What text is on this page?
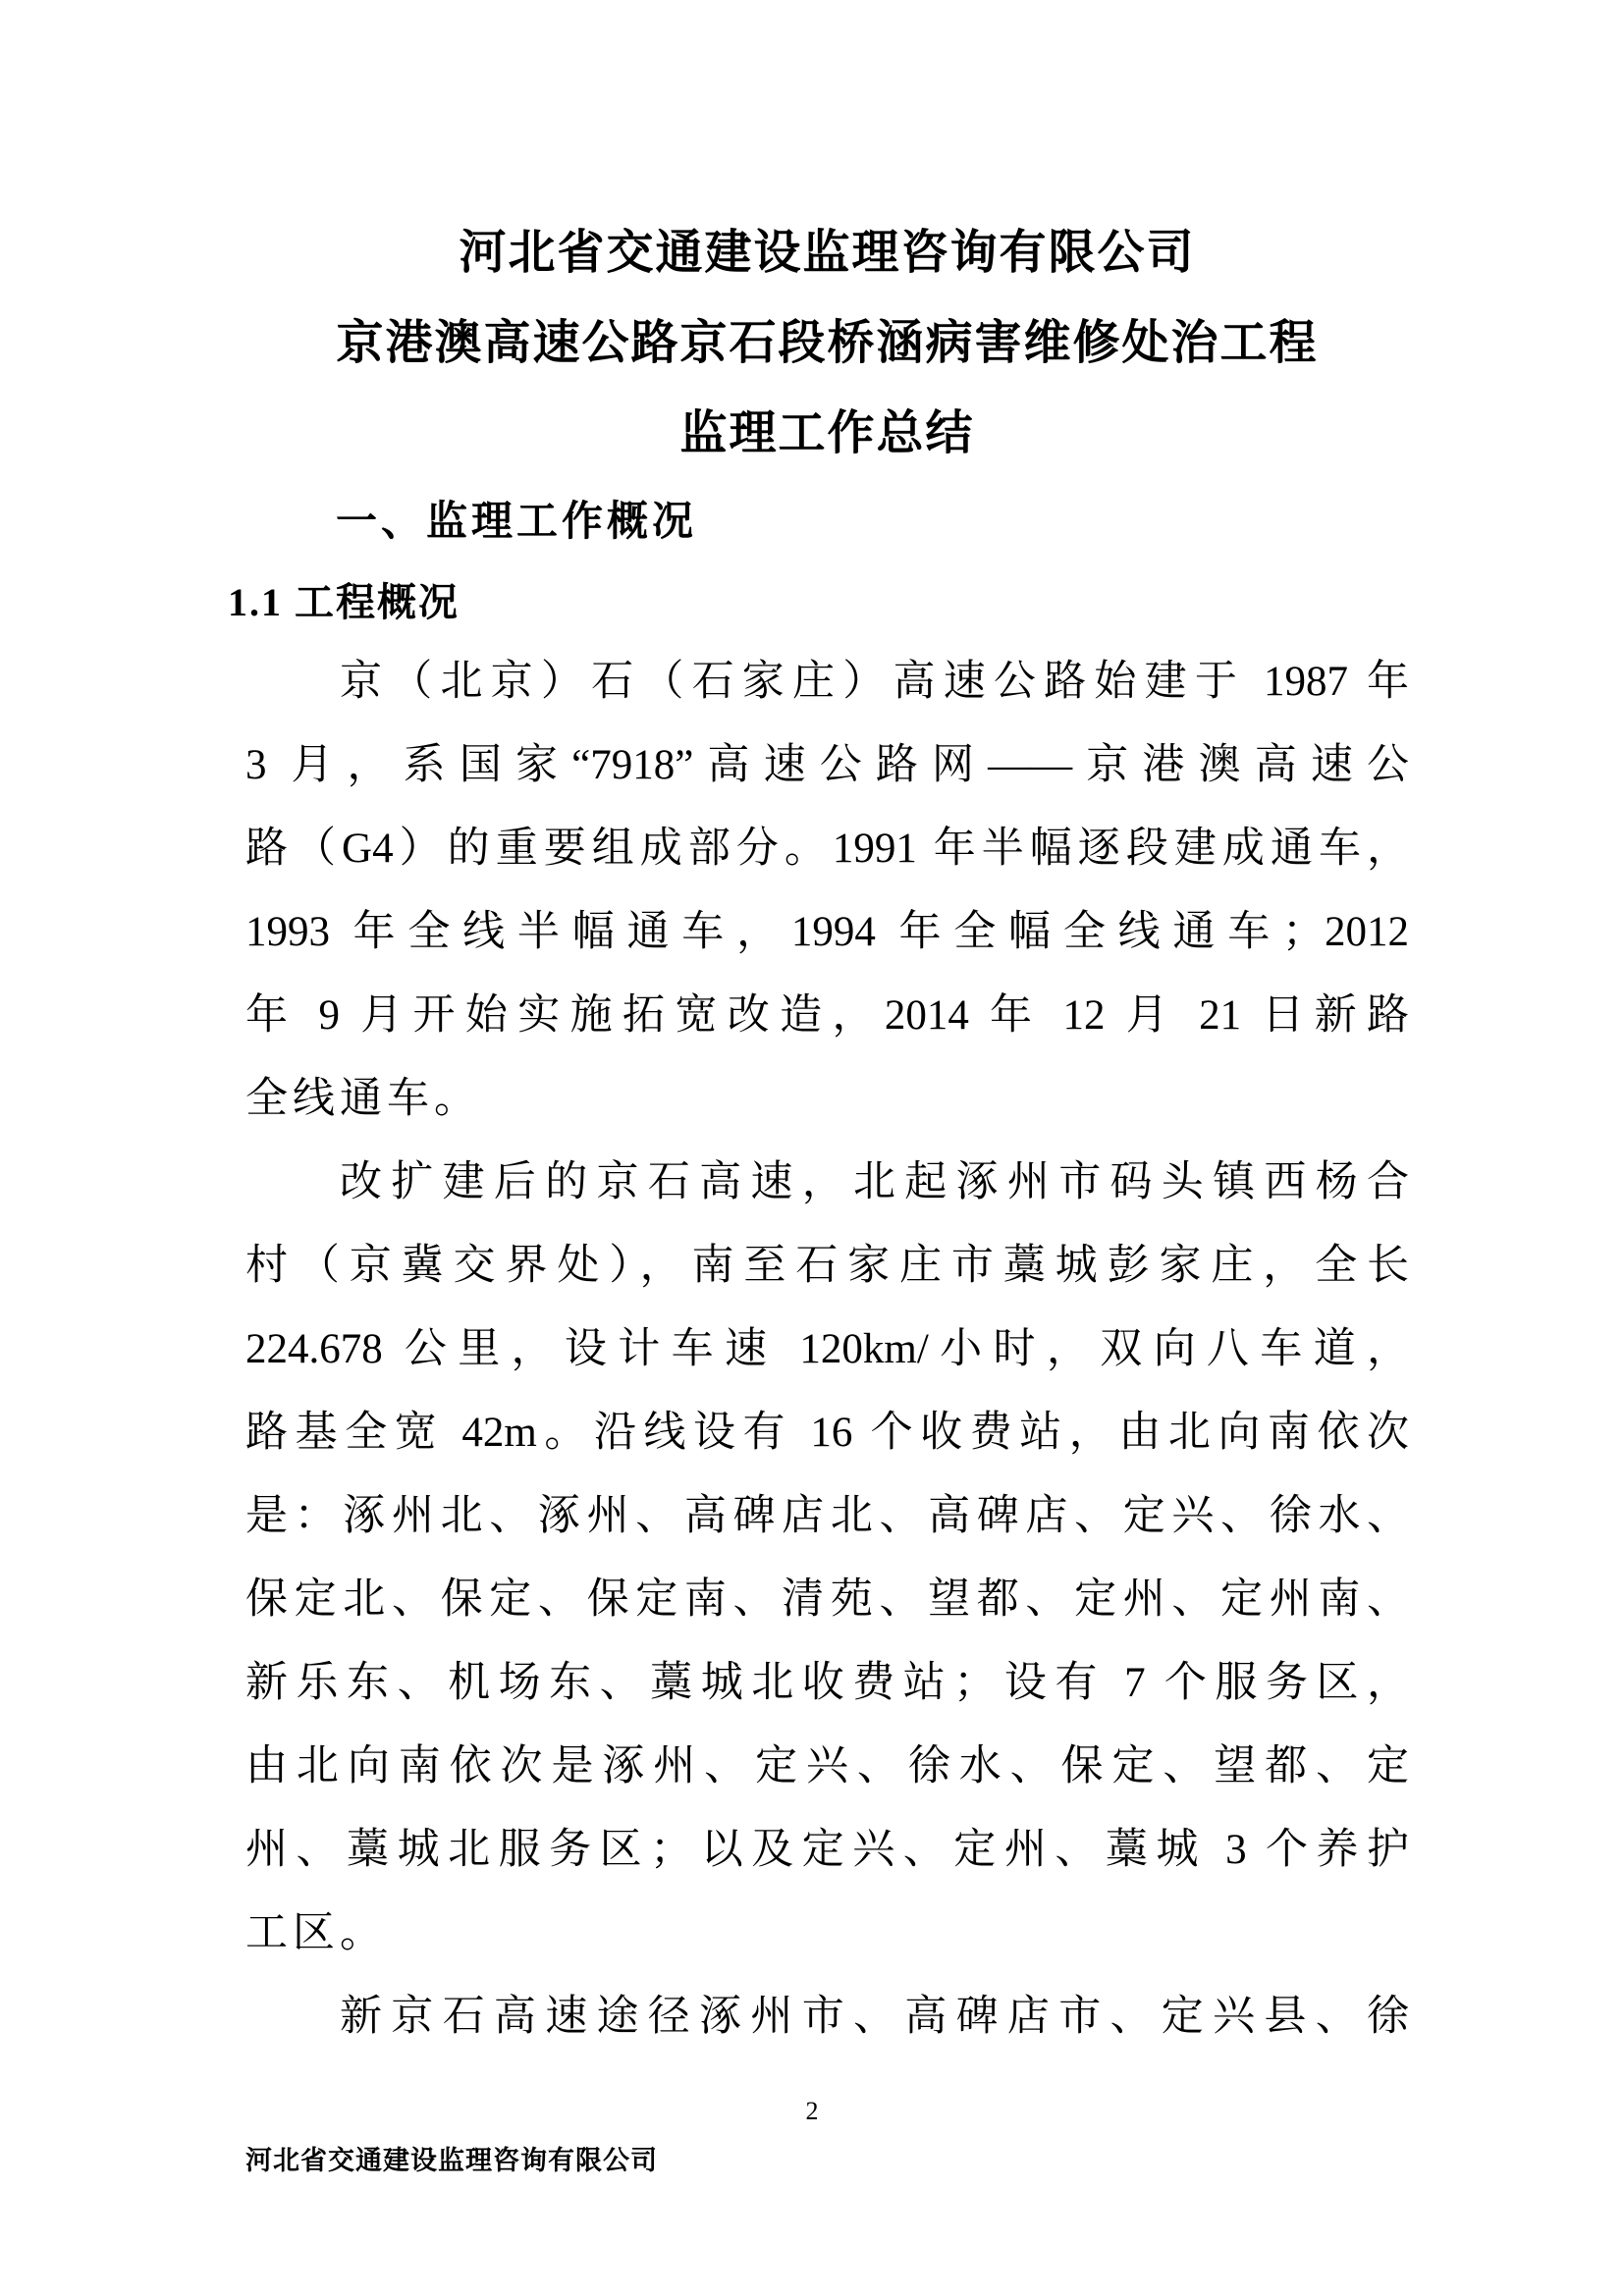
河北省交通建设监理咨询有限公司
京港澳高速公路京石段桥涵病害维修处治工程
监理工作总结
一、监理工作概况
1.1 工程概况
京（北京）石（石家庄）高速公路始建于 1987 年
3 月，系国家“7918”高速公路网——京港澳高速公
路（G4）的重要组成部分。1991 年半幅逐段建成通车，
1993 年全线半幅通车，1994 年全幅全线通车；2012
年 9 月开始实施拓宽改造，2014 年 12 月 21 日新路
全线通车。
改扩建后的京石高速，北起涿州市码头镇西杨合
村（京冀交界处），南至石家庄市藁城彭家庄，全长
224.678 公里，设计车速 120km/小时，双向八车道，
路基全宽 42m。沿线设有 16 个收费站，由北向南依次
是：涿州北、涿州、高碑店北、高碑店、定兴、徐水、
保定北、保定、保定南、清苑、望都、定州、定州南、
新乐东、机场东、藁城北收费站；设有 7 个服务区，
由北向南依次是涿州、定兴、徐水、保定、望都、定
州、藁城北服务区；以及定兴、定州、藁城 3 个养护
工区。
新京石高速途径涿州市、高碑店市、定兴县、徐
2
河北省交通建设监理咨询有限公司
